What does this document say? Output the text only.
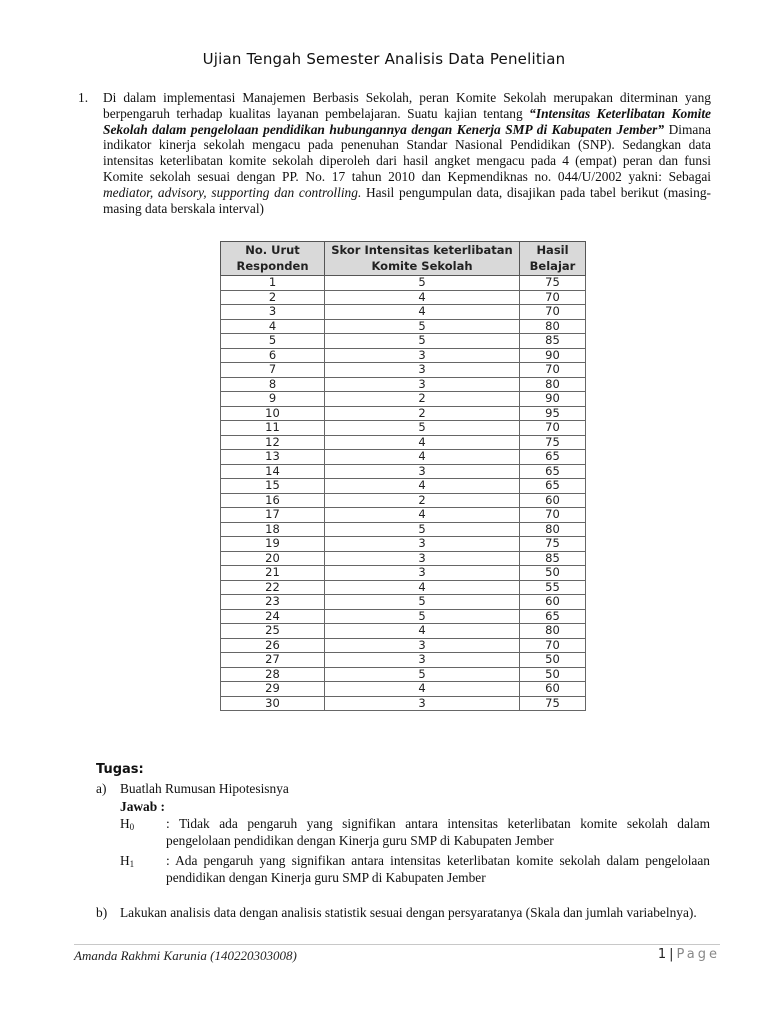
Ujian Tengah Semester Analisis Data Penelitian
1. Di dalam implementasi Manajemen Berbasis Sekolah, peran Komite Sekolah merupakan diterminan yang berpengaruh terhadap kualitas layanan pembelajaran. Suatu kajian tentang “Intensitas Keterlibatan Komite Sekolah dalam pengelolaan pendidikan hubungannya dengan Kenerja SMP di Kabupaten Jember” Dimana indikator kinerja sekolah mengacu pada penenuhan Standar Nasional Pendidikan (SNP). Sedangkan data intensitas keterlibatan komite sekolah diperoleh dari hasil angket mengacu pada 4 (empat) peran dan funsi Komite sekolah sesuai dengan PP. No. 17 tahun 2010 dan Kepmendiknas no. 044/U/2002 yakni: Sebagai mediator, advisory, supporting dan controlling. Hasil pengumpulan data, disajikan pada tabel berikut (masing-masing data berskala interval)
No. Urut Responden	Skor Intensitas keterlibatan Komite Sekolah	Hasil Belajar
1	5	75
2	4	70
3	4	70
4	5	80
5	5	85
6	3	90
7	3	70
8	3	80
9	2	90
10	2	95
11	5	70
12	4	75
13	4	65
14	3	65
15	4	65
16	2	60
17	4	70
18	5	80
19	3	75
20	3	85
21	3	50
22	4	55
23	5	60
24	5	65
25	4	80
26	3	70
27	3	50
28	5	50
29	4	60
30	3	75
Tugas:
a) Buatlah Rumusan Hipotesisnya
Jawab :
$H_0$ : Tidak ada pengaruh yang signifikan antara intensitas keterlibatan komite sekolah dalam pengelolaan pendidikan dengan Kinerja guru SMP di Kabupaten Jember
$H_1$ : Ada pengaruh yang signifikan antara intensitas keterlibatan komite sekolah dalam pengelolaan pendidikan dengan Kinerja guru SMP di Kabupaten Jember
b) Lakukan analisis data dengan analisis statistik sesuai dengan persyaratanya (Skala dan jumlah variabelnya).
Amanda Rakhmi Karunia (140220303008)	1 | Page
